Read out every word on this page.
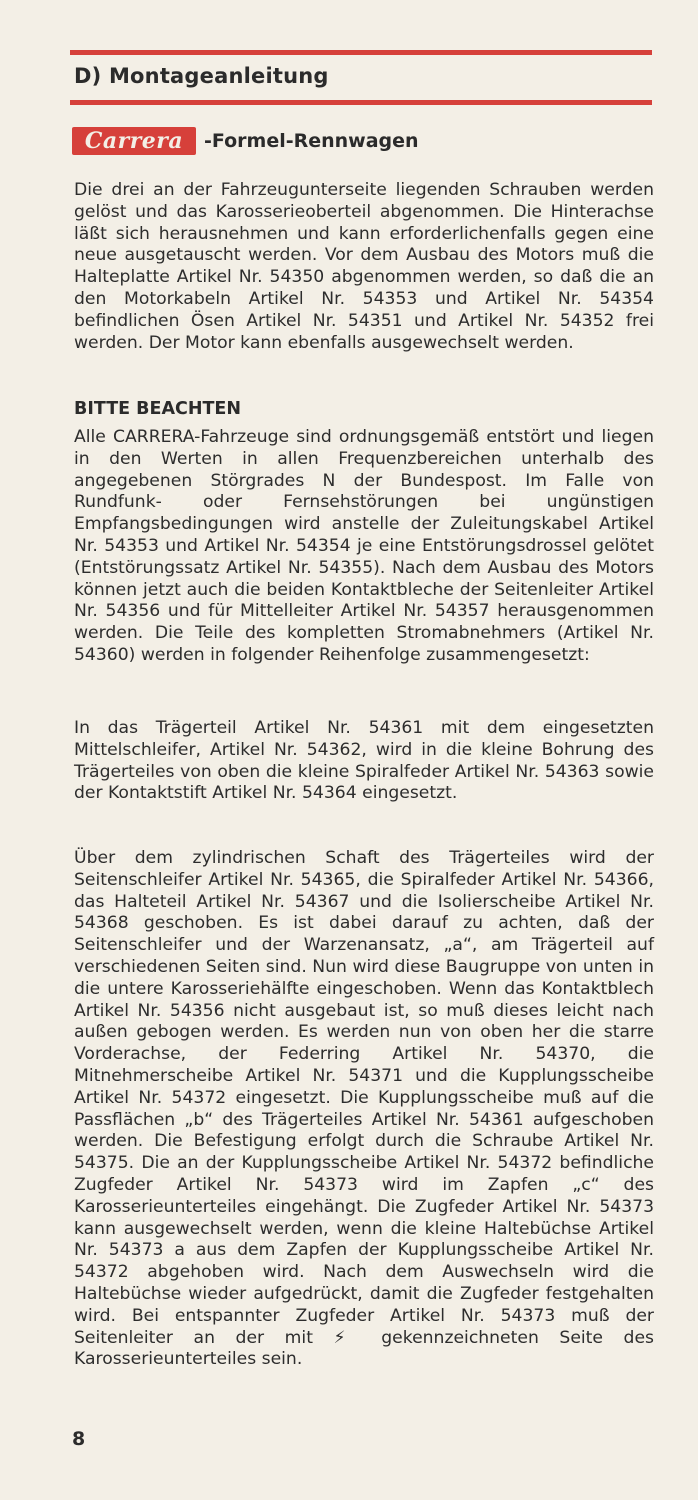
D) Montageanleitung
Carrera -Formel-Rennwagen

Die drei an der Fahrzeugunterseite liegenden Schrauben werden gelöst und das Karosserieoberteil abgenommen. Die Hinterachse läßt sich herausnehmen und kann erforderlichenfalls gegen eine neue ausgetauscht werden. Vor dem Ausbau des Motors muß die Halteplatte Artikel Nr. 54350 abgenommen werden, so daß die an den Motorkabeln Artikel Nr. 54353 und Artikel Nr. 54354 befindlichen Ösen Artikel Nr. 54351 und Artikel Nr. 54352 frei werden. Der Motor kann ebenfalls ausgewechselt werden.

BITTE BEACHTEN

Alle CARRERA-Fahrzeuge sind ordnungsgemäß entstört und liegen in den Werten in allen Frequenzbereichen unterhalb des angegebenen Störgrades N der Bundespost. Im Falle von Rundfunk- oder Fernsehstörungen bei ungünstigen Empfangsbedingungen wird anstelle der Zuleitungskabel Artikel Nr. 54353 und Artikel Nr. 54354 je eine Entstörungsdrossel gelötet (Entstörungssatz Artikel Nr. 54355). Nach dem Ausbau des Motors können jetzt auch die beiden Kontaktbleche der Seitenleiter Artikel Nr. 54356 und für Mittelleiter Artikel Nr. 54357 herausgenommen werden. Die Teile des kompletten Stromabnehmers (Artikel Nr. 54360) werden in folgender Reihenfolge zusammengesetzt:

In das Trägerteil Artikel Nr. 54361 mit dem eingesetzten Mittelschleifer, Artikel Nr. 54362, wird in die kleine Bohrung des Trägerteiles von oben die kleine Spiralfeder Artikel Nr. 54363 sowie der Kontaktstift Artikel Nr. 54364 eingesetzt.

Über dem zylindrischen Schaft des Trägerteiles wird der Seitenschleifer Artikel Nr. 54365, die Spiralfeder Artikel Nr. 54366, das Halteteil Artikel Nr. 54367 und die Isolierscheibe Artikel Nr. 54368 geschoben. Es ist dabei darauf zu achten, daß der Seitenschleifer und der Warzenansatz, „a“, am Trägerteil auf verschiedenen Seiten sind. Nun wird diese Baugruppe von unten in die untere Karosseriehälfte eingeschoben. Wenn das Kontaktblech Artikel Nr. 54356 nicht ausgebaut ist, so muß dieses leicht nach außen gebogen werden. Es werden nun von oben her die starre Vorderachse, der Federring Artikel Nr. 54370, die Mitnehmerscheibe Artikel Nr. 54371 und die Kupplungsscheibe Artikel Nr. 54372 eingesetzt. Die Kupplungsscheibe muß auf die Passflächen „b“ des Trägerteiles Artikel Nr. 54361 aufgeschoben werden. Die Befestigung erfolgt durch die Schraube Artikel Nr. 54375. Die an der Kupplungsscheibe Artikel Nr. 54372 befindliche Zugfeder Artikel Nr. 54373 wird im Zapfen „c“ des Karosserieunterteiles eingehängt. Die Zugfeder Artikel Nr. 54373 kann ausgewechselt werden, wenn die kleine Haltebüchse Artikel Nr. 54373 a aus dem Zapfen der Kupplungsscheibe Artikel Nr. 54372 abgehoben wird. Nach dem Auswechseln wird die Haltebüchse wieder aufgedrückt, damit die Zugfeder festgehalten wird. Bei entspannter Zugfeder Artikel Nr. 54373 muß der Seitenleiter an der mit ⚡ gekennzeichneten Seite des Karosserieunterteiles sein.

8
